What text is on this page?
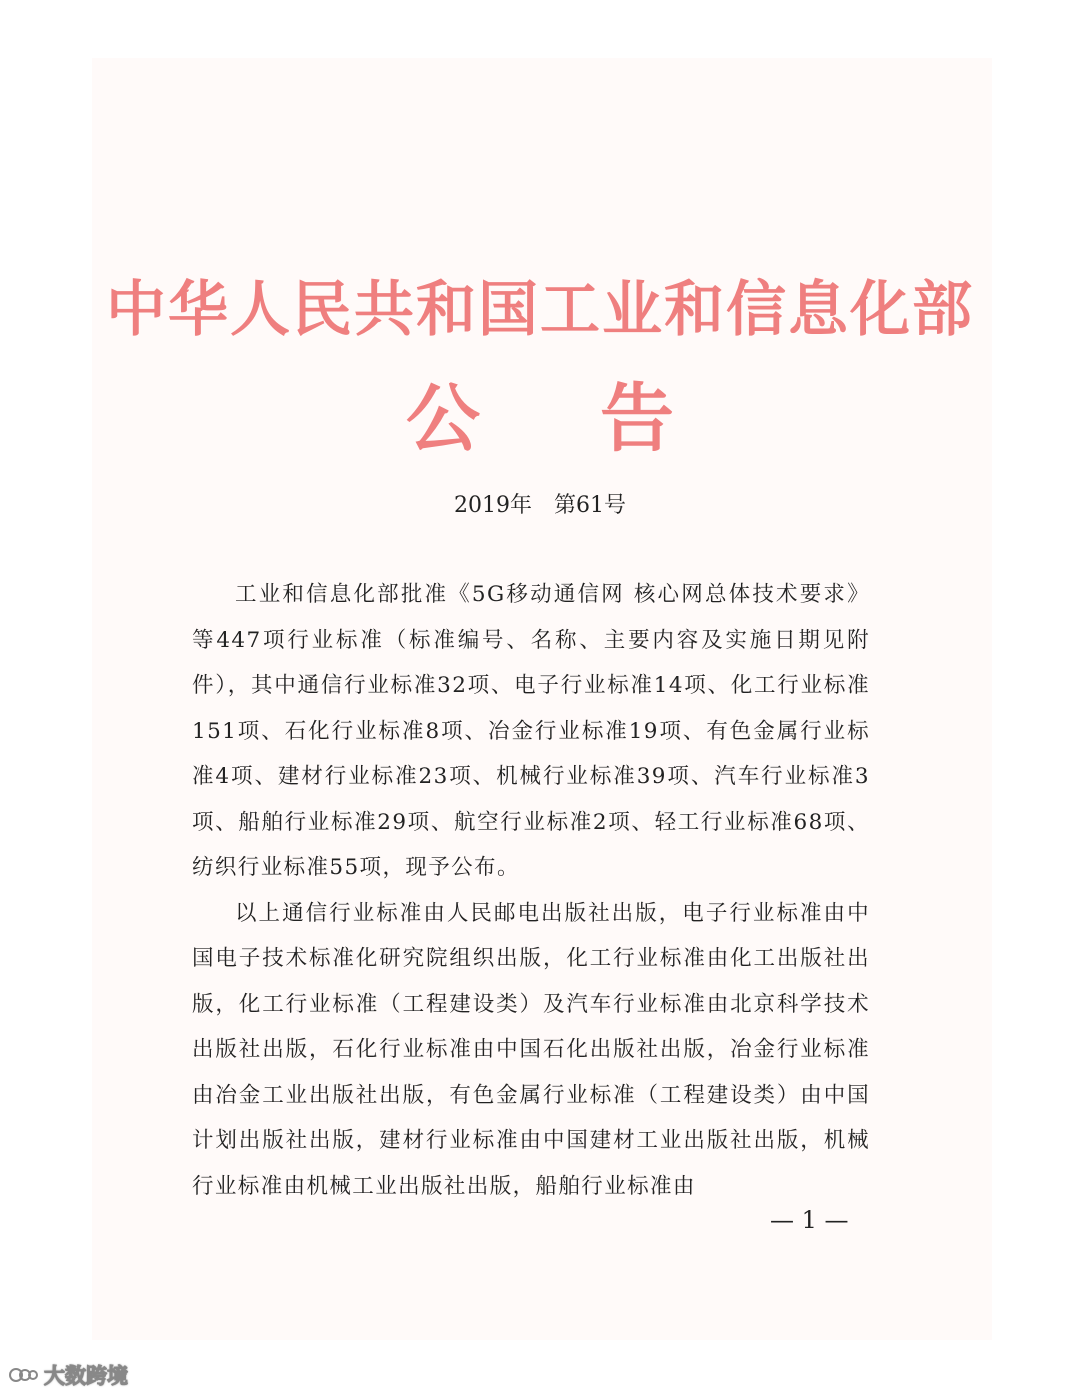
中华人民共和国工业和信息化部
公告
2019年　第61号

工业和信息化部批准《5G移动通信网 核心网总体技术要求》等447项行业标准（标准编号、名称、主要内容及实施日期见附件），其中通信行业标准32项、电子行业标准14项、化工行业标准151项、石化行业标准8项、冶金行业标准19项、有色金属行业标准4项、建材行业标准23项、机械行业标准39项、汽车行业标准3项、船舶行业标准29项、航空行业标准2项、轻工行业标准68项、纺织行业标准55项，现予公布。

以上通信行业标准由人民邮电出版社出版，电子行业标准由中国电子技术标准化研究院组织出版，化工行业标准由化工出版社出版，化工行业标准（工程建设类）及汽车行业标准由北京科学技术出版社出版，石化行业标准由中国石化出版社出版，冶金行业标准由冶金工业出版社出版，有色金属行业标准（工程建设类）由中国计划出版社出版，建材行业标准由中国建材工业出版社出版，机械行业标准由机械工业出版社出版，船舶行业标准由

— 1 —
大数跨境
